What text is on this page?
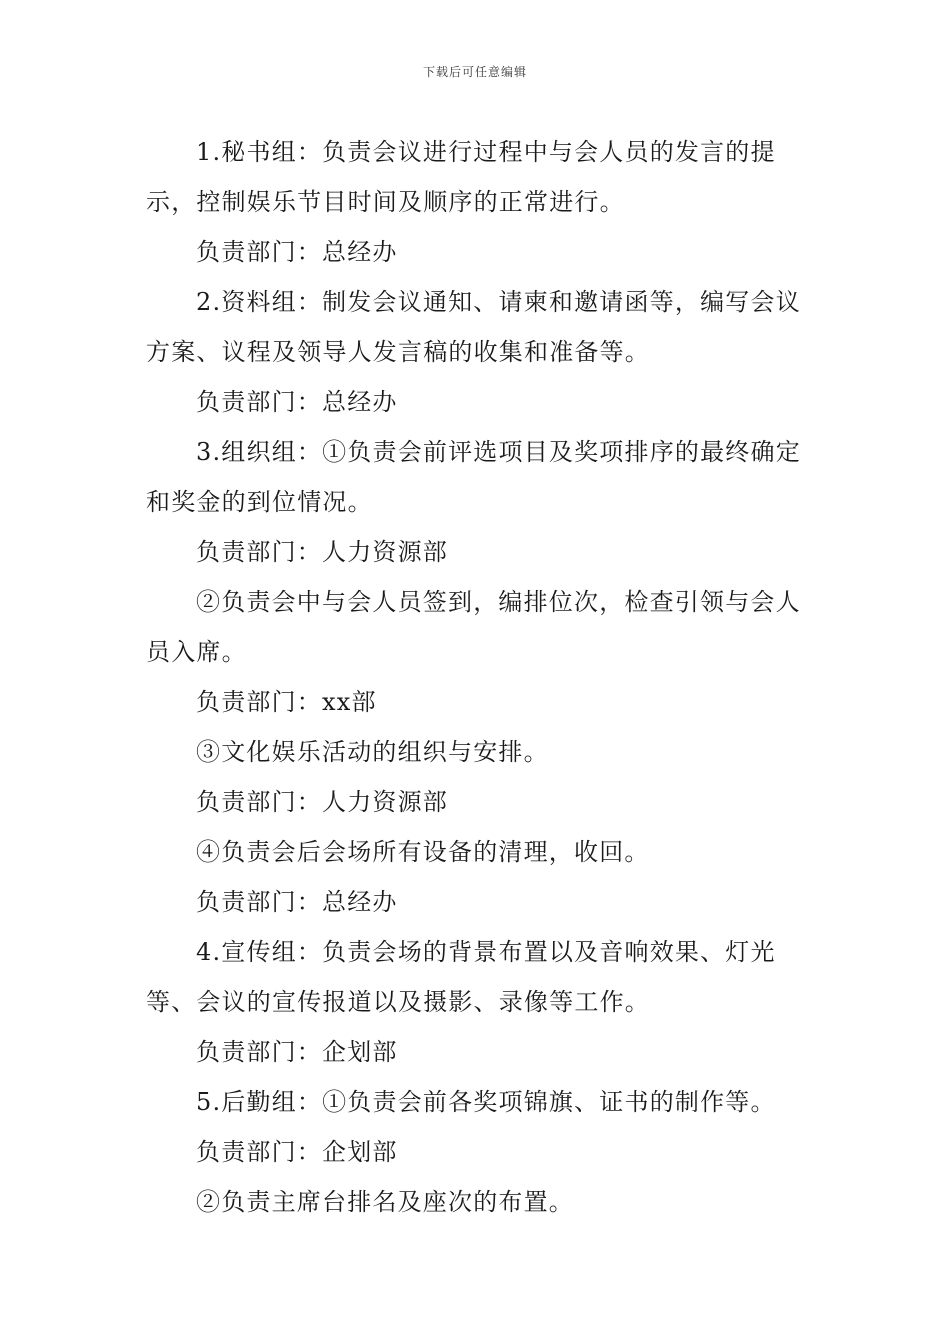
下载后可任意编辑

1.秘书组：负责会议进行过程中与会人员的发言的提示，控制娱乐节目时间及顺序的正常进行。

负责部门：总经办

2.资料组：制发会议通知、请柬和邀请函等，编写会议方案、议程及领导人发言稿的收集和准备等。

负责部门：总经办

3.组织组：①负责会前评选项目及奖项排序的最终确定和奖金的到位情况。

负责部门：人力资源部

②负责会中与会人员签到，编排位次，检查引领与会人员入席。

负责部门：xx部

③文化娱乐活动的组织与安排。

负责部门：人力资源部

④负责会后会场所有设备的清理，收回。

负责部门：总经办

4.宣传组：负责会场的背景布置以及音响效果、灯光等、会议的宣传报道以及摄影、录像等工作。

负责部门：企划部

5.后勤组：①负责会前各奖项锦旗、证书的制作等。

负责部门：企划部

②负责主席台排名及座次的布置。
